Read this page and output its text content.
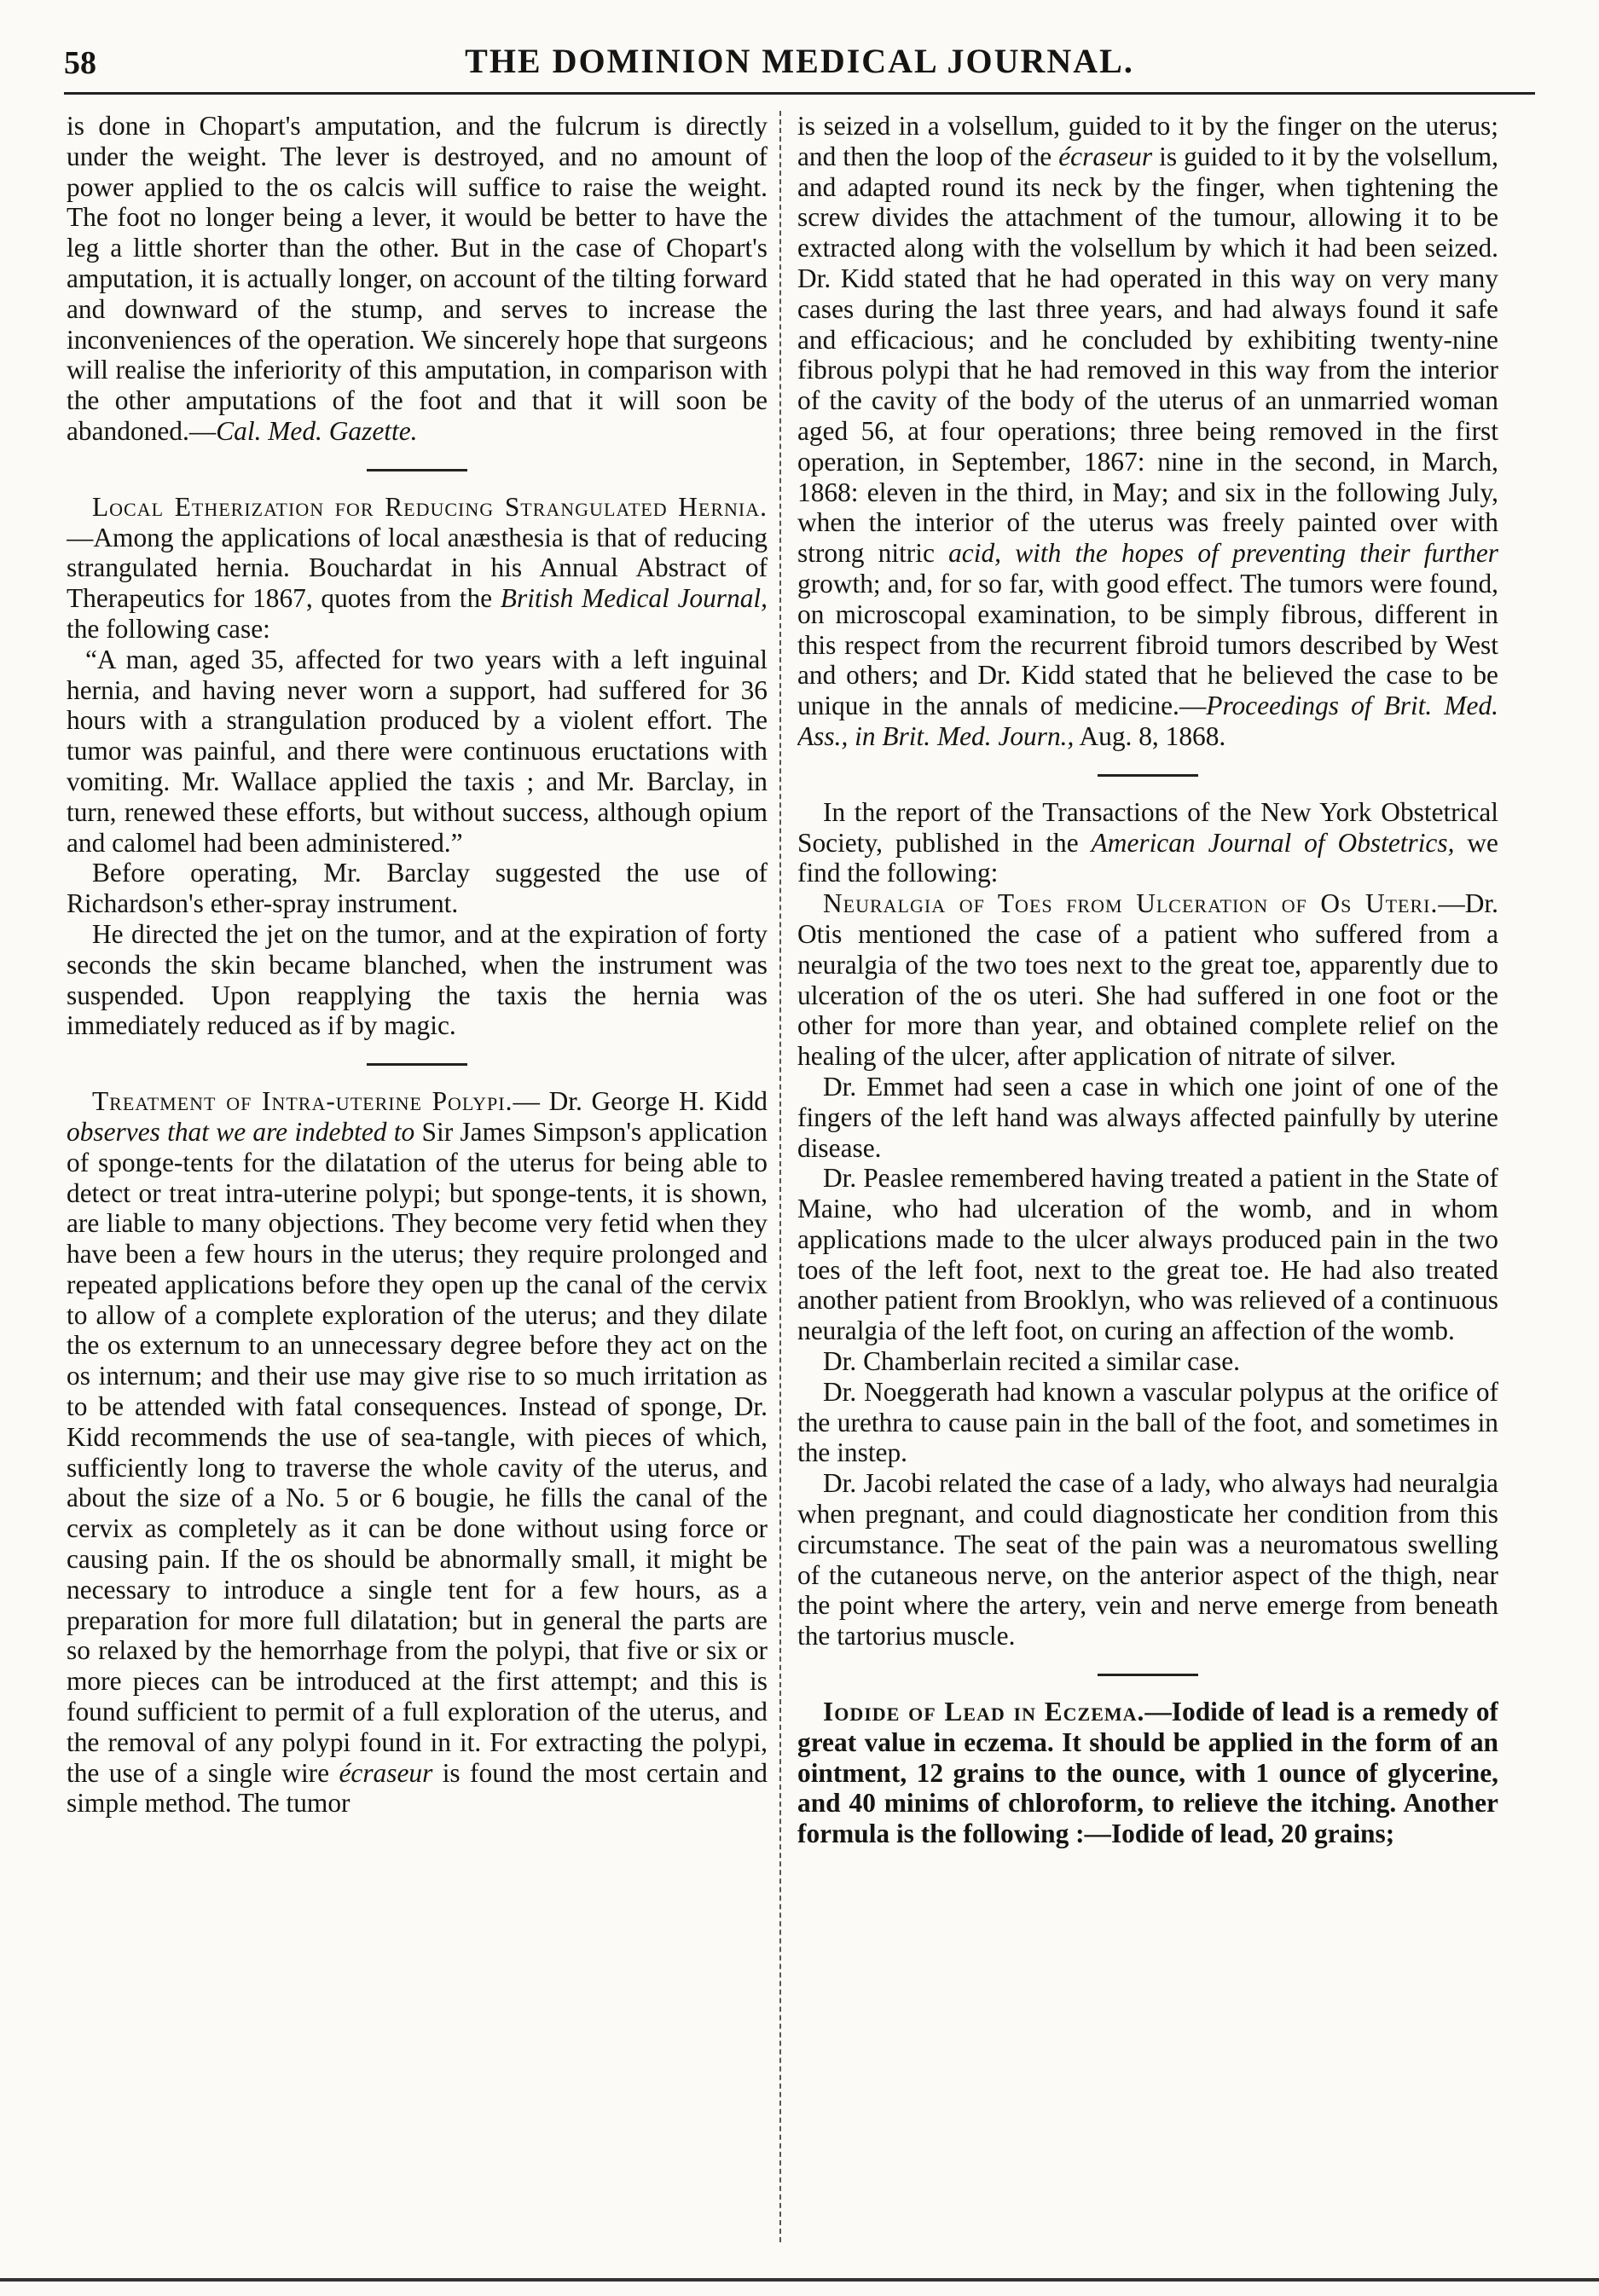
58	THE DOMINION MEDICAL JOURNAL.

is done in Chopart's amputation, and the fulcrum is directly under the weight. The lever is destroyed, and no amount of power applied to the os calcis will suffice to raise the weight. The foot no longer being a lever, it would be better to have the leg a little shorter than the other. But in the case of Chopart's amputation, it is actually longer, on account of the tilting forward and downward of the stump, and serves to increase the inconveniences of the operation. We sincerely hope that surgeons will realise the inferiority of this amputation, in comparison with the other amputations of the foot and that it will soon be abandoned.—Cal. Med. Gazette.

Local Etherization for Reducing Strangulated Hernia.—Among the applications of local anæsthesia is that of reducing strangulated hernia. Bouchardat in his Annual Abstract of Therapeutics for 1867, quotes from the British Medical Journal, the following case:

“A man, aged 35, affected for two years with a left inguinal hernia, and having never worn a support, had suffered for 36 hours with a strangulation produced by a violent effort. The tumor was painful, and there were continuous eructations with vomiting. Mr. Wallace applied the taxis ; and Mr. Barclay, in turn, renewed these efforts, but without success, although opium and calomel had been administered.”

Before operating, Mr. Barclay suggested the use of Richardson's ether-spray instrument.

He directed the jet on the tumor, and at the expiration of forty seconds the skin became blanched, when the instrument was suspended. Upon reapplying the taxis the hernia was immediately reduced as if by magic.

Treatment of Intra-uterine Polypi.— Dr. George H. Kidd observes that we are indebted to Sir James Simpson's application of sponge-tents for the dilatation of the uterus for being able to detect or treat intra-uterine polypi; but sponge-tents, it is shown, are liable to many objections. They become very fetid when they have been a few hours in the uterus; they require prolonged and repeated applications before they open up the canal of the cervix to allow of a complete exploration of the uterus; and they dilate the os externum to an unnecessary degree before they act on the os internum; and their use may give rise to so much irritation as to be attended with fatal consequences. Instead of sponge, Dr. Kidd recommends the use of sea-tangle, with pieces of which, sufficiently long to traverse the whole cavity of the uterus, and about the size of a No. 5 or 6 bougie, he fills the canal of the cervix as completely as it can be done without using force or causing pain. If the os should be abnormally small, it might be necessary to introduce a single tent for a few hours, as a preparation for more full dilatation; but in general the parts are so relaxed by the hemorrhage from the polypi, that five or six or more pieces can be introduced at the first attempt; and this is found sufficient to permit of a full exploration of the uterus, and the removal of any polypi found in it. For extracting the polypi, the use of a single wire écraseur is found the most certain and simple method. The tumor

is seized in a volsellum, guided to it by the finger on the uterus; and then the loop of the écraseur is guided to it by the volsellum, and adapted round its neck by the finger, when tightening the screw divides the attachment of the tumour, allowing it to be extracted along with the volsellum by which it had been seized. Dr. Kidd stated that he had operated in this way on very many cases during the last three years, and had always found it safe and efficacious; and he concluded by exhibiting twenty-nine fibrous polypi that he had removed in this way from the interior of the cavity of the body of the uterus of an unmarried woman aged 56, at four operations; three being removed in the first operation, in September, 1867: nine in the second, in March, 1868: eleven in the third, in May; and six in the following July, when the interior of the uterus was freely painted over with strong nitric acid, with the hopes of preventing their further growth; and, for so far, with good effect. The tumors were found, on microscopal examination, to be simply fibrous, different in this respect from the recurrent fibroid tumors described by West and others; and Dr. Kidd stated that he believed the case to be unique in the annals of medicine.—Proceedings of Brit. Med. Ass., in Brit. Med. Journ., Aug. 8, 1868.

In the report of the Transactions of the New York Obstetrical Society, published in the American Journal of Obstetrics, we find the following:

Neuralgia of Toes from Ulceration of Os Uteri.—Dr. Otis mentioned the case of a patient who suffered from a neuralgia of the two toes next to the great toe, apparently due to ulceration of the os uteri. She had suffered in one foot or the other for more than year, and obtained complete relief on the healing of the ulcer, after application of nitrate of silver.

Dr. Emmet had seen a case in which one joint of one of the fingers of the left hand was always affected painfully by uterine disease.

Dr. Peaslee remembered having treated a patient in the State of Maine, who had ulceration of the womb, and in whom applications made to the ulcer always produced pain in the two toes of the left foot, next to the great toe. He had also treated another patient from Brooklyn, who was relieved of a continuous neuralgia of the left foot, on curing an affection of the womb.

Dr. Chamberlain recited a similar case.

Dr. Noeggerath had known a vascular polypus at the orifice of the urethra to cause pain in the ball of the foot, and sometimes in the instep.

Dr. Jacobi related the case of a lady, who always had neuralgia when pregnant, and could diagnosticate her condition from this circumstance. The seat of the pain was a neuromatous swelling of the cutaneous nerve, on the anterior aspect of the thigh, near the point where the artery, vein and nerve emerge from beneath the tartorius muscle.

Iodide of Lead in Eczema.—Iodide of lead is a remedy of great value in eczema. It should be applied in the form of an ointment, 12 grains to the ounce, with 1 ounce of glycerine, and 40 minims of chloroform, to relieve the itching. Another formula is the following :—Iodide of lead, 20 grains;
